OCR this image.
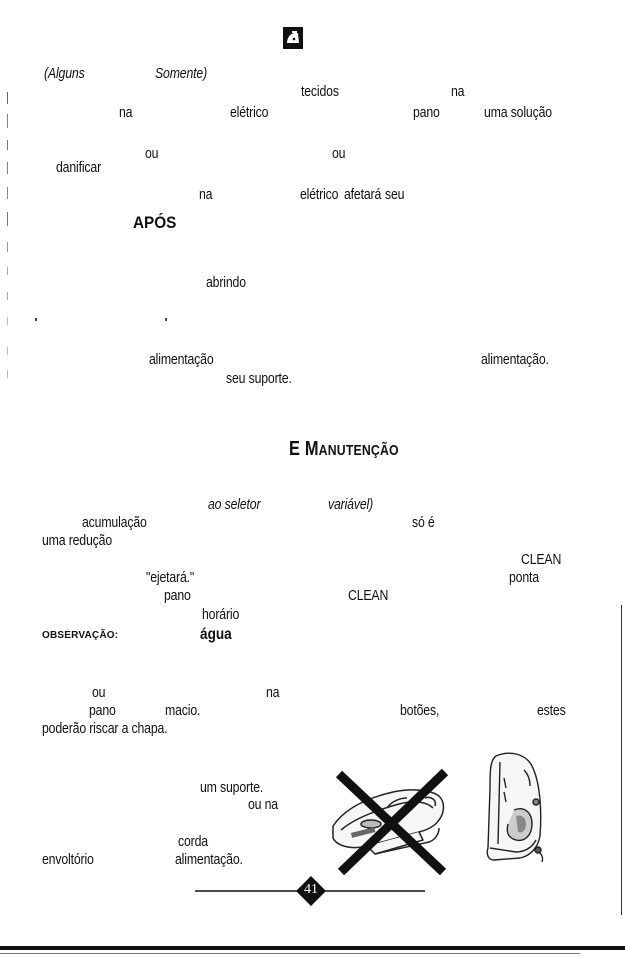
(Alguns	Somente)
tecidos	na
na	elétrico	pano	uma solução
ou	ou
danificar
na	elétrico afetará seu
APÓS
abrindo
alimentação	alimentação.
seu suporte.
E MANUTENÇÃO
ao seletor	variável)
acumulação	só é
uma redução
CLEAN
"ejetará."	ponta
pano	CLEAN
horário
OBSERVAÇÃO:	água
ou	na
pano	macio.	botões,	estes
poderão riscar a chapa.
um suporte.
ou na
corda
envoltório	alimentação.
41
